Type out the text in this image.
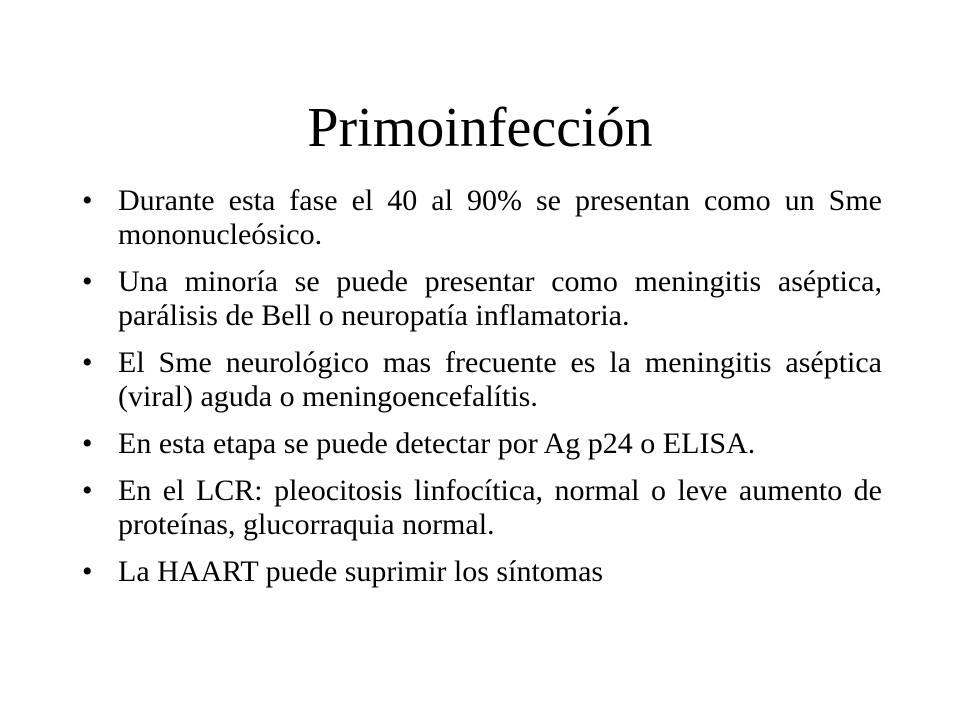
Primoinfección
• Durante esta fase el 40 al 90% se presentan como un Sme mononucleósico.
• Una minoría se puede presentar como meningitis aséptica, parálisis de Bell o neuropatía inflamatoria.
• El Sme neurológico mas frecuente es la meningitis aséptica (viral) aguda o meningoencefalítis.
• En esta etapa se puede detectar por Ag p24 o ELISA.
• En el LCR: pleocitosis linfocítica, normal o leve aumento de proteínas, glucorraquia normal.
• La HAART puede suprimir los síntomas
